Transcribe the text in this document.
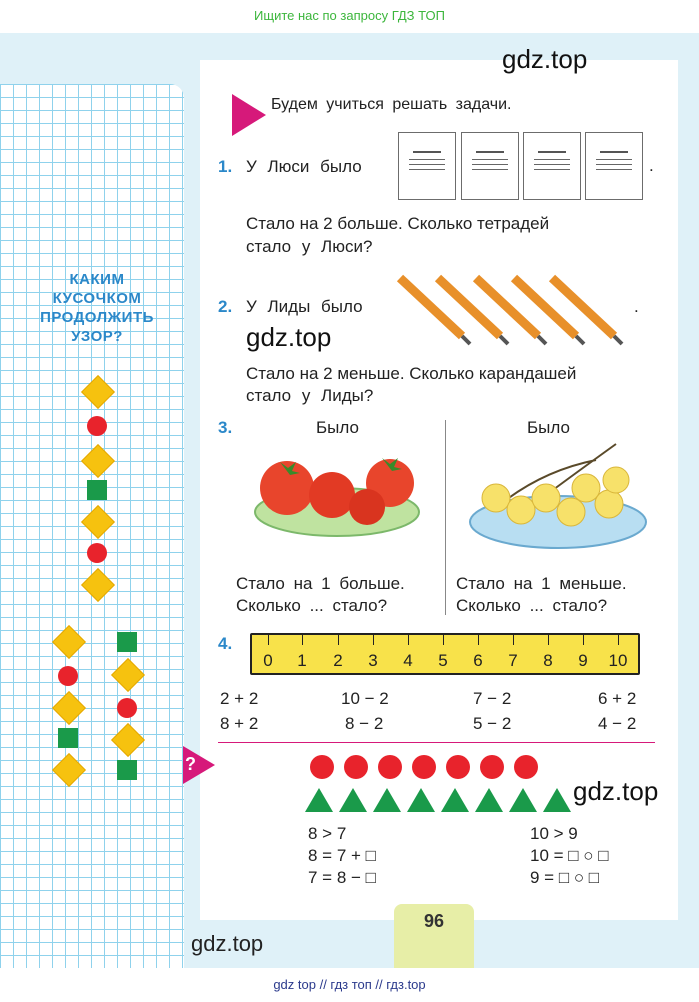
Ищите нас по запросу ГДЗ ТОП
gdz.top
gdz.top
gdz.top
gdz.top
КАКИМ КУСОЧКОМ ПРОДОЛЖИТЬ УЗОР?
Будем учиться решать задачи.
1. У Люси было	.
Стало на 2 больше. Сколько тетрадей
стало у Люси?
2. У Лиды было	.
Стало на 2 меньше. Сколько карандашей
стало у Лиды?
3.	Было	Было
Стало на 1 больше.
Сколько ... стало?
Стало на 1 меньше.
Сколько ... стало?
4.
0	1	2	3	4	5	6	7	8	9	10
2 + 2	10 − 2	7 − 2	6 + 2
8 + 2	8 − 2	5 − 2	4 − 2
?
8 > 7
8 = 7 + □
7 = 8 − □
10 > 9
10 = □ ○ □
9 = □ ○ □
96
gdz top // гдз топ // гдз.top
